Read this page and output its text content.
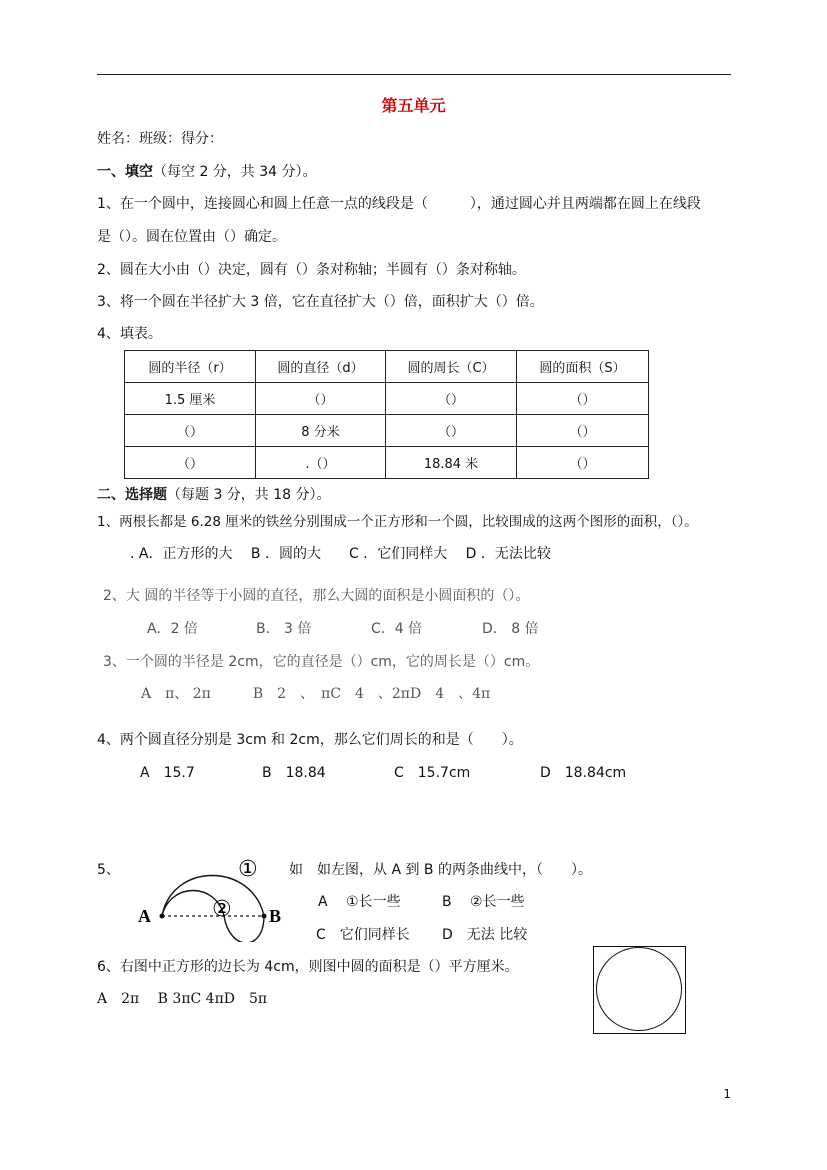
第五单元
姓名：班级：得分：
一、填空（每空 2 分，共 34 分）。
1、在一个圆中，连接圆心和圆上任意一点的线段是（　　　），通过圆心并且两端都在圆上在线段
是（）。圆在位置由（）确定。
2、圆在大小由（）决定，圆有（）条对称轴；半圆有（）条对称轴。
3、将一个圆在半径扩大 3 倍，它在直径扩大（）倍，面积扩大（）倍。
4、填表。
圆的半径（r）	圆的直径（d）	圆的周长（C）	圆的面积（S）
1.5 厘米	（）	（）	（）
（）	8 分米	（）	（）
（）	.（）	18.84 米	（）
二、选择题（每题 3 分，共 18 分）。
1、两根长都是 6.28 厘米的铁丝分别围成一个正方形和一个圆，比较围成的这两个图形的面积，（）。
. A．正方形的大　 B ．圆的大　　C ．它们同样大　 D ．无法比较
2、大 圆的半径等于小圆的直径，那么大圆的面积是小圆面积的（）。
A．2 倍	B． 3 倍	C．4 倍	D． 8 倍
3、一个圆的半径是 2cm，它的直径是（）cm，它的周长是（）cm。
A　π、 2π　　　B　2　、　πC　4　、2πD　4　、4π
4、两个圆直径分别是 3cm 和 2cm，那么它们周长的和是（　　）。
A　15.7	B　18.84	C　15.7cm	D　18.84cm
5、
A	B
①
②
如　如左图，从 A 到 B 的两条曲线中，（　　）。
A　 ①长一些	B　 ②长一些
C　它们同样长 D　无法 比较
6、右图中正方形的边长为 4cm，则图中圆的面积是（）平方厘米。
A　2π　 B 3πC 4πD　5π
1
